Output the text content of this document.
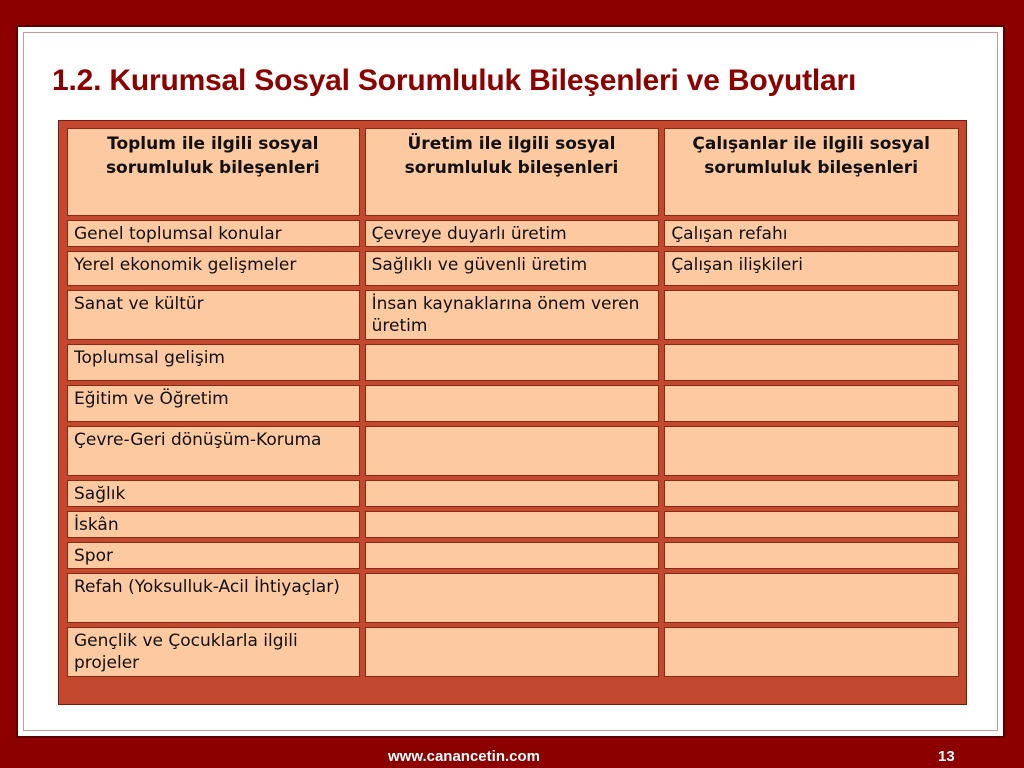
1.2. Kurumsal Sosyal Sorumluluk Bileşenleri ve Boyutları
Toplum ile ilgili sosyal sorumluluk bileşenleri	Üretim ile ilgili sosyal sorumluluk bileşenleri	Çalışanlar ile ilgili sosyal sorumluluk bileşenleri
Genel toplumsal konular	Çevreye duyarlı üretim	Çalışan refahı
Yerel ekonomik gelişmeler	Sağlıklı ve güvenli üretim	Çalışan ilişkileri
Sanat ve kültür	İnsan kaynaklarına önem veren üretim	
Toplumsal gelişim		
Eğitim ve Öğretim		
Çevre-Geri dönüşüm-Koruma		
Sağlık		
İskân		
Spor		
Refah (Yoksulluk-Acil İhtiyaçlar)		
Gençlik ve Çocuklarla ilgili projeler		
www.canancetin.com	13
